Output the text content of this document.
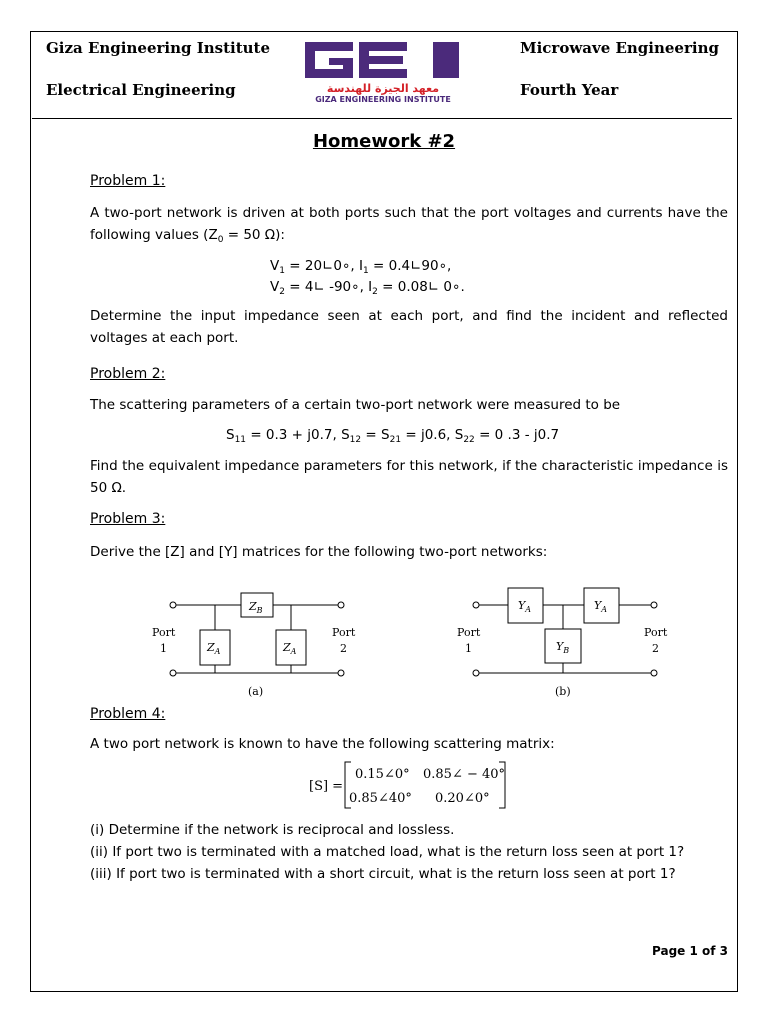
Giza Engineering Institute
Electrical Engineering
Microwave Engineering
Fourth Year
معهد الجيزة للهندسة
GIZA ENGINEERING INSTITUTE
Homework #2
Problem 1:
A two-port network is driven at both ports such that the port voltages and currents have the following values ($Z_0 = 50$ Ω):
$V_1$ = 20∟0∘, $I_1$ = 0.4∟90∘,
$V_2$ = 4∟ -90∘, $I_2$ = 0.08∟ 0∘.
Determine the input impedance seen at each port, and find the incident and reflected voltages at each port.
Problem 2:
The scattering parameters of a certain two-port network were measured to be
$S_{11} = 0.3 + j0.7$, $S_{12} = S_{21} = j0.6$, $S_{22} = 0$ .3 - j0.7
Find the equivalent impedance parameters for this network, if the characteristic impedance is 50 Ω.
Problem 3:
Derive the [Z] and [Y] matrices for the following two-port networks:
$Z_B$
$Z_A$	$Z_A$
Port
1
Port
2
(a)
$Y_A$	$Y_A$
$Y_B$
Port
1
Port
2
(b)
Problem 4:
A two port network is known to have the following scattering matrix:
[S] =
0.15∠0° 0.85∠ − 40°
0.85∠40° 0.20∠0°
(i) Determine if the network is reciprocal and lossless.
(ii) If port two is terminated with a matched load, what is the return loss seen at port 1?
(iii) If port two is terminated with a short circuit, what is the return loss seen at port 1?
Page 1 of 3
